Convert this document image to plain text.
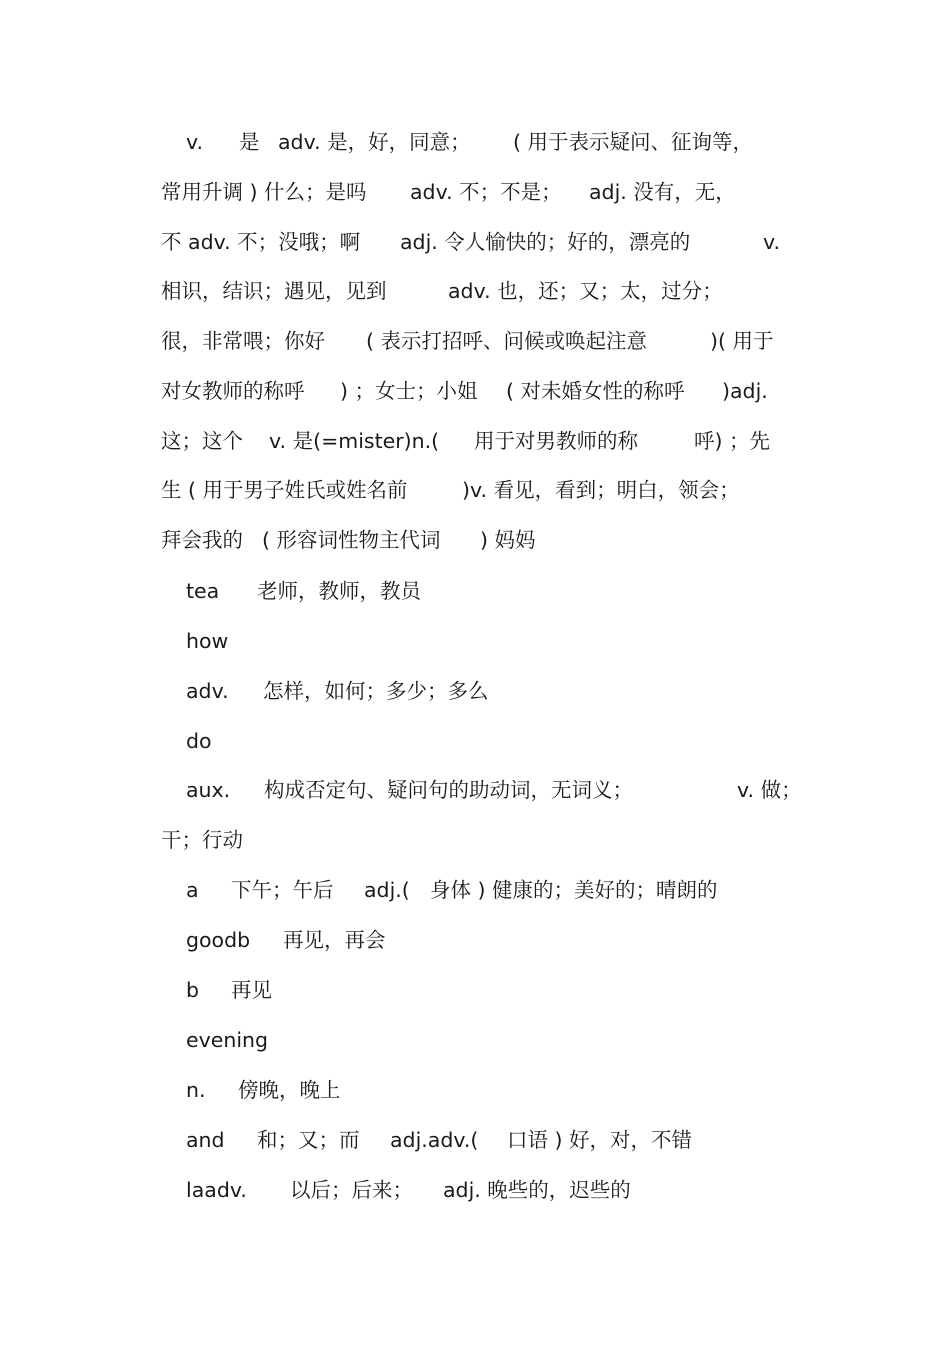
v. 是 adv. 是，好，同意； ( 用于表示疑问、征询等，
常用升调 ) 什么；是吗 adv. 不；不是； adj. 没有，无，
不 adv. 不；没哦；啊 adj. 令人愉快的；好的，漂亮的	v.
相识，结识；遇见，见到	adv. 也，还；又；太，过分；
很，非常喂；你好 ( 表示打招呼、问候或唤起注意	)( 用于
对女教师的称呼 ) ；女士；小姐 ( 对未婚女性的称呼 )adj.
这；这个 v. 是(=mister)n.( 用于对男教师的称	呼) ；先
生 ( 用于男子姓氏或姓名前	)v. 看见，看到；明白，领会；
拜会我的 ( 形容词性物主代词 ) 妈妈
tea 老师，教师，教员
how
adv. 怎样，如何；多少；多么
do
aux. 构成否定句、疑问句的助动词，无词义；	v. 做；
干；行动
a 下午；午后 adj.( 身体 ) 健康的；美好的；晴朗的
goodb 再见，再会
b 再见
evening
n. 傍晚，晚上
and 和；又；而 adj.adv.( 口语 ) 好，对，不错
laadv. 以后；后来； adj. 晚些的，迟些的
